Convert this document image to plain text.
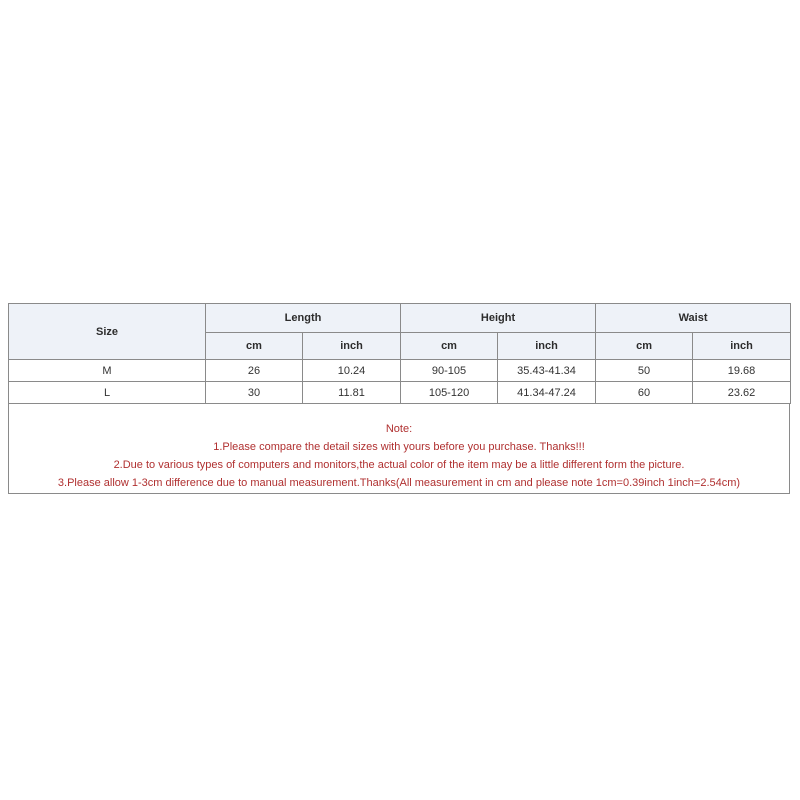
Size	Length		Height		Waist	
	cm	inch	cm	inch	cm	inch
M	26	10.24	90-105	35.43-41.34	50	19.68
L	30	11.81	105-120	41.34-47.24	60	23.62
Note:
1.Please compare the detail sizes with yours before you purchase. Thanks!!!
2.Due to various types of computers and monitors,the actual color of the item may be a little different form the picture.
3.Please allow 1-3cm difference due to manual measurement.Thanks(All measurement in cm and please note 1cm=0.39inch 1inch=2.54cm)
